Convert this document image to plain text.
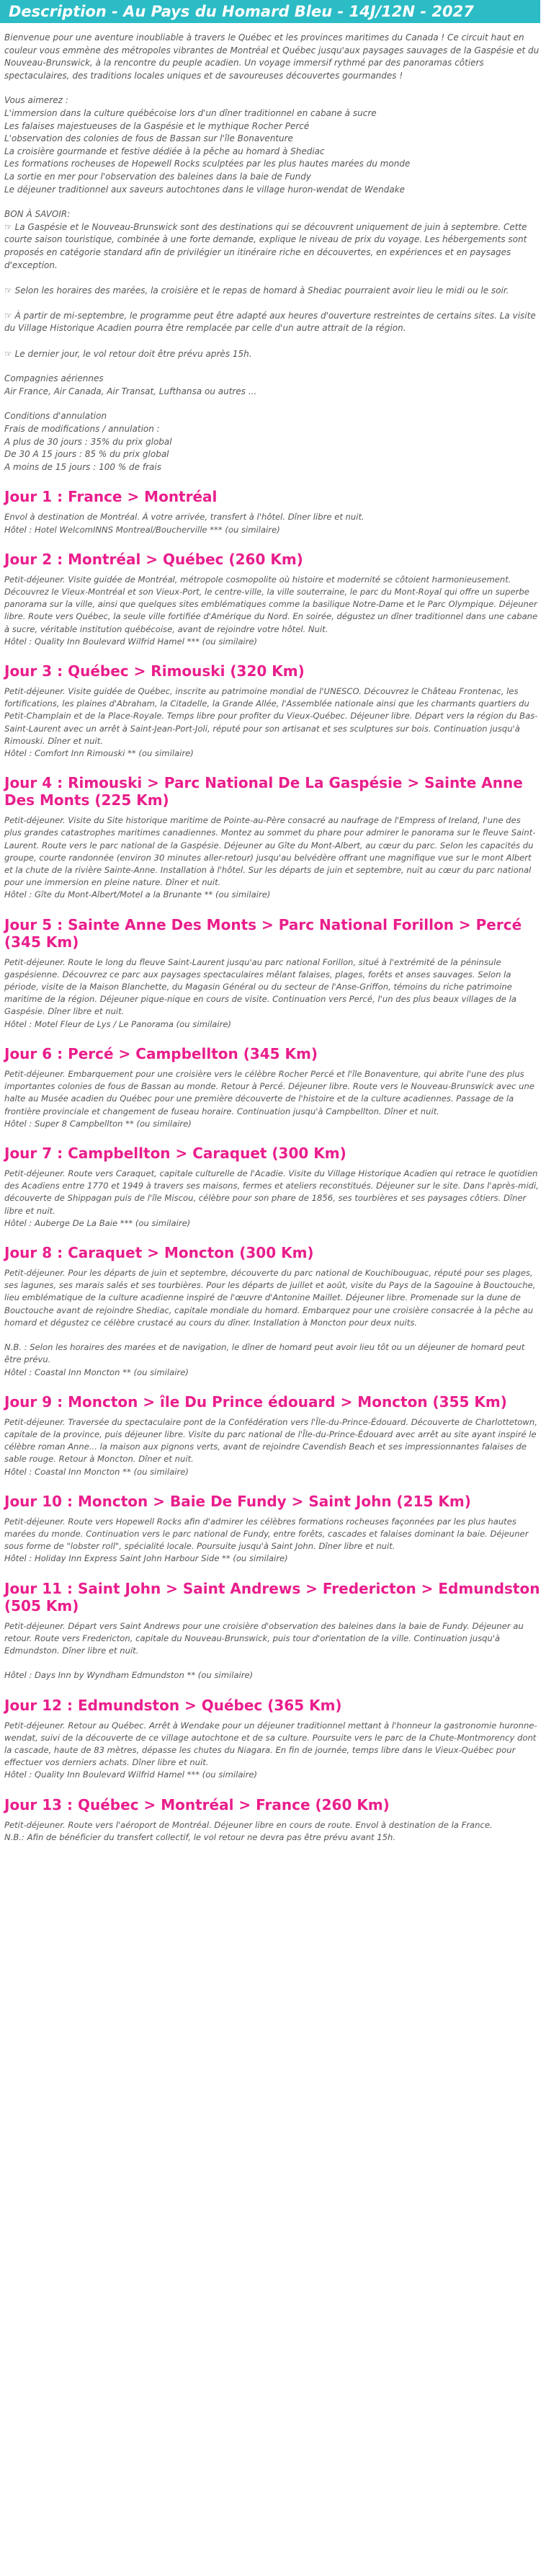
Description - Au Pays du Homard Bleu - 14J/12N - 2027
Bienvenue pour une aventure inoubliable à travers le Québec et les provinces maritimes du Canada ! Ce circuit haut en couleur vous emmène des métropoles vibrantes de Montréal et Québec jusqu'aux paysages sauvages de la Gaspésie et du Nouveau-Brunswick, à la rencontre du peuple acadien. Un voyage immersif rythmé par des panoramas côtiers spectaculaires, des traditions locales uniques et de savoureuses découvertes gourmandes !
Vous aimerez :
L'immersion dans la culture québécoise lors d'un dîner traditionnel en cabane à sucre
Les falaises majestueuses de la Gaspésie et le mythique Rocher Percé
L'observation des colonies de fous de Bassan sur l'île Bonaventure
La croisière gourmande et festive dédiée à la pêche au homard à Shediac
Les formations rocheuses de Hopewell Rocks sculptées par les plus hautes marées du monde
La sortie en mer pour l'observation des baleines dans la baie de Fundy
Le déjeuner traditionnel aux saveurs autochtones dans le village huron-wendat de Wendake
BON À SAVOIR:
☞ La Gaspésie et le Nouveau-Brunswick sont des destinations qui se découvrent uniquement de juin à septembre. Cette courte saison touristique, combinée à une forte demande, explique le niveau de prix du voyage. Les hébergements sont proposés en catégorie standard afin de privilégier un itinéraire riche en découvertes, en expériences et en paysages d'exception.

☞ Selon les horaires des marées, la croisière et le repas de homard à Shediac pourraient avoir lieu le midi ou le soir.

☞ À partir de mi-septembre, le programme peut être adapté aux heures d'ouverture restreintes de certains sites. La visite du Village Historique Acadien pourra être remplacée par celle d'un autre attrait de la région.

☞ Le dernier jour, le vol retour doit être prévu après 15h.
Compagnies aériennes
Air France, Air Canada, Air Transat, Lufthansa ou autres ...
Conditions d'annulation
Frais de modifications / annulation :
A plus de 30 jours : 35% du prix global
De 30 A 15 jours : 85 % du prix global
A moins de 15 jours : 100 % de frais
Jour 1 : France > Montréal
Envol à destination de Montréal. À votre arrivée, transfert à l'hôtel. Dîner libre et nuit.
Hôtel : Hotel WelcomINNS Montreal/Boucherville *** (ou similaire)
Jour 2 : Montréal > Québec (260 Km)
Petit-déjeuner. Visite guidée de Montréal, métropole cosmopolite où histoire et modernité se côtoient harmonieusement. Découvrez le Vieux-Montréal et son Vieux-Port, le centre-ville, la ville souterraine, le parc du Mont-Royal qui offre un superbe panorama sur la ville, ainsi que quelques sites emblématiques comme la basilique Notre-Dame et le Parc Olympique. Déjeuner libre. Route vers Québec, la seule ville fortifiée d'Amérique du Nord. En soirée, dégustez un dîner traditionnel dans une cabane à sucre, véritable institution québécoise, avant de rejoindre votre hôtel. Nuit.
Hôtel : Quality Inn Boulevard Wilfrid Hamel *** (ou similaire)
Jour 3 : Québec > Rimouski (320 Km)
Petit-déjeuner. Visite guidée de Québec, inscrite au patrimoine mondial de l'UNESCO. Découvrez le Château Frontenac, les fortifications, les plaines d'Abraham, la Citadelle, la Grande Allée, l'Assemblée nationale ainsi que les charmants quartiers du Petit-Champlain et de la Place-Royale. Temps libre pour profiter du Vieux-Québec. Déjeuner libre. Départ vers la région du Bas-Saint-Laurent avec un arrêt à Saint-Jean-Port-Joli, réputé pour son artisanat et ses sculptures sur bois. Continuation jusqu'à Rimouski. Dîner et nuit.
Hôtel : Comfort Inn Rimouski ** (ou similaire)
Jour 4 : Rimouski > Parc National De La Gaspésie > Sainte Anne Des Monts (225 Km)
Petit-déjeuner. Visite du Site historique maritime de Pointe-au-Père consacré au naufrage de l'Empress of Ireland, l'une des plus grandes catastrophes maritimes canadiennes. Montez au sommet du phare pour admirer le panorama sur le fleuve Saint-Laurent. Route vers le parc national de la Gaspésie. Déjeuner au Gîte du Mont-Albert, au cœur du parc. Selon les capacités du groupe, courte randonnée (environ 30 minutes aller-retour) jusqu'au belvédère offrant une magnifique vue sur le mont Albert et la chute de la rivière Sainte-Anne. Installation à l'hôtel. Sur les départs de juin et septembre, nuit au cœur du parc national pour une immersion en pleine nature. Dîner et nuit.
Hôtel : Gîte du Mont-Albert/Motel a la Brunante ** (ou similaire)
Jour 5 : Sainte Anne Des Monts > Parc National Forillon > Percé (345 Km)
Petit-déjeuner. Route le long du fleuve Saint-Laurent jusqu'au parc national Forillon, situé à l'extrémité de la péninsule gaspésienne. Découvrez ce parc aux paysages spectaculaires mêlant falaises, plages, forêts et anses sauvages. Selon la période, visite de la Maison Blanchette, du Magasin Général ou du secteur de l'Anse-Griffon, témoins du riche patrimoine maritime de la région. Déjeuner pique-nique en cours de visite. Continuation vers Percé, l'un des plus beaux villages de la Gaspésie. Dîner libre et nuit.
Hôtel : Motel Fleur de Lys / Le Panorama (ou similaire)
Jour 6 : Percé > Campbellton (345 Km)
Petit-déjeuner. Embarquement pour une croisière vers le célèbre Rocher Percé et l'île Bonaventure, qui abrite l'une des plus importantes colonies de fous de Bassan au monde. Retour à Percé. Déjeuner libre. Route vers le Nouveau-Brunswick avec une halte au Musée acadien du Québec pour une première découverte de l'histoire et de la culture acadiennes. Passage de la frontière provinciale et changement de fuseau horaire. Continuation jusqu'à Campbellton. Dîner et nuit.
Hôtel : Super 8 Campbellton ** (ou similaire)
Jour 7 : Campbellton > Caraquet (300 Km)
Petit-déjeuner. Route vers Caraquet, capitale culturelle de l'Acadie. Visite du Village Historique Acadien qui retrace le quotidien des Acadiens entre 1770 et 1949 à travers ses maisons, fermes et ateliers reconstitués. Déjeuner sur le site. Dans l'après-midi, découverte de Shippagan puis de l'île Miscou, célèbre pour son phare de 1856, ses tourbières et ses paysages côtiers. Dîner libre et nuit.
Hôtel : Auberge De La Baie *** (ou similaire)
Jour 8 : Caraquet > Moncton (300 Km)
Petit-déjeuner. Pour les départs de juin et septembre, découverte du parc national de Kouchibouguac, réputé pour ses plages, ses lagunes, ses marais salés et ses tourbières. Pour les départs de juillet et août, visite du Pays de la Sagouine à Bouctouche, lieu emblématique de la culture acadienne inspiré de l'œuvre d'Antonine Maillet. Déjeuner libre. Promenade sur la dune de Bouctouche avant de rejoindre Shediac, capitale mondiale du homard. Embarquez pour une croisière consacrée à la pêche au homard et dégustez ce célèbre crustacé au cours du dîner. Installation à Moncton pour deux nuits.

N.B. : Selon les horaires des marées et de navigation, le dîner de homard peut avoir lieu tôt ou un déjeuner de homard peut être prévu.
Hôtel : Coastal Inn Moncton ** (ou similaire)
Jour 9 : Moncton > île Du Prince édouard > Moncton (355 Km)
Petit-déjeuner. Traversée du spectaculaire pont de la Confédération vers l'Île-du-Prince-Édouard. Découverte de Charlottetown, capitale de la province, puis déjeuner libre. Visite du parc national de l'Île-du-Prince-Édouard avec arrêt au site ayant inspiré le célèbre roman Anne... la maison aux pignons verts, avant de rejoindre Cavendish Beach et ses impressionnantes falaises de sable rouge. Retour à Moncton. Dîner et nuit.
Hôtel : Coastal Inn Moncton ** (ou similaire)
Jour 10 : Moncton > Baie De Fundy > Saint John (215 Km)
Petit-déjeuner. Route vers Hopewell Rocks afin d'admirer les célèbres formations rocheuses façonnées par les plus hautes marées du monde. Continuation vers le parc national de Fundy, entre forêts, cascades et falaises dominant la baie. Déjeuner sous forme de "lobster roll", spécialité locale. Poursuite jusqu'à Saint John. Dîner libre et nuit.
Hôtel : Holiday Inn Express Saint John Harbour Side ** (ou similaire)
Jour 11 : Saint John > Saint Andrews > Fredericton > Edmundston (505 Km)
Petit-déjeuner. Départ vers Saint Andrews pour une croisière d'observation des baleines dans la baie de Fundy. Déjeuner au retour. Route vers Fredericton, capitale du Nouveau-Brunswick, puis tour d'orientation de la ville. Continuation jusqu'à Edmundston. Dîner libre et nuit.

Hôtel : Days Inn by Wyndham Edmundston ** (ou similaire)
Jour 12 : Edmundston > Québec (365 Km)
Petit-déjeuner. Retour au Québec. Arrêt à Wendake pour un déjeuner traditionnel mettant à l'honneur la gastronomie huronne-wendat, suivi de la découverte de ce village autochtone et de sa culture. Poursuite vers le parc de la Chute-Montmorency dont la cascade, haute de 83 mètres, dépasse les chutes du Niagara. En fin de journée, temps libre dans le Vieux-Québec pour effectuer vos derniers achats. Dîner libre et nuit.
Hôtel : Quality Inn Boulevard Wilfrid Hamel *** (ou similaire)
Jour 13 : Québec > Montréal > France (260 Km)
Petit-déjeuner. Route vers l'aéroport de Montréal. Déjeuner libre en cours de route. Envol à destination de la France.
N.B.: Afin de bénéficier du transfert collectif, le vol retour ne devra pas être prévu avant 15h.
